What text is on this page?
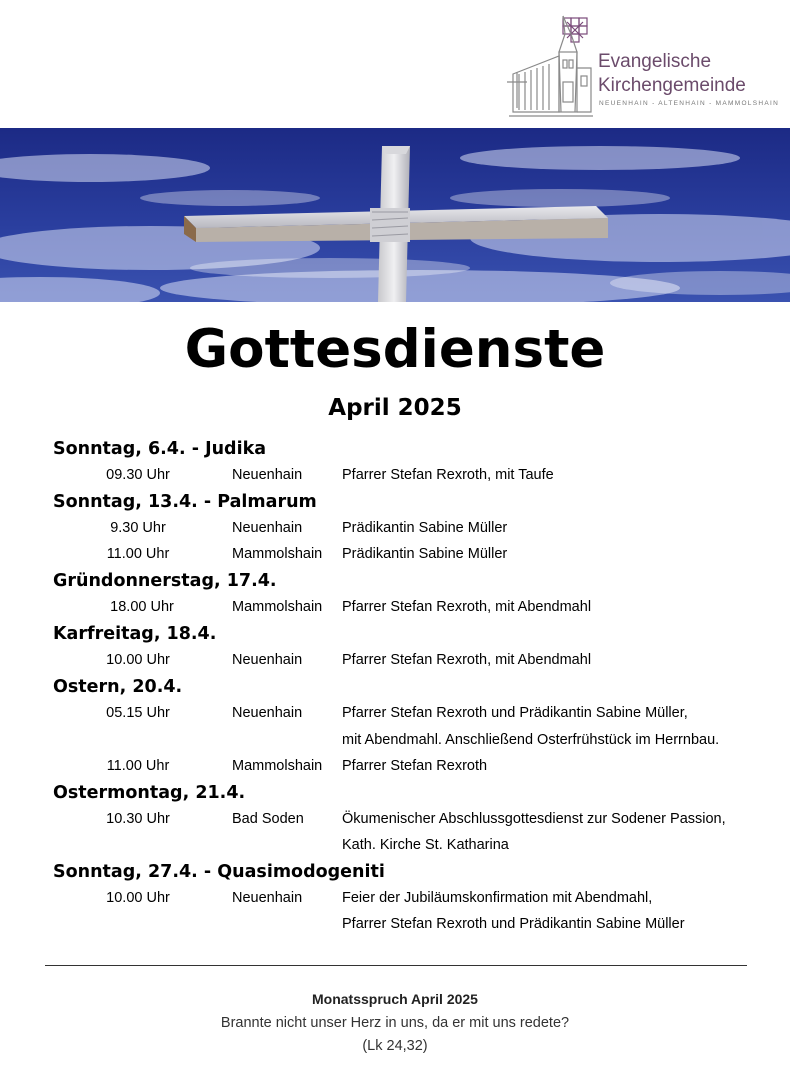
Evangelische
Kirchengemeinde
NEUENHAIN - ALTENHAIN - MAMMOLSHAIN
Gottesdienste
April 2025
Sonntag, 6.4. - Judika
09.30 Uhr	Neuenhain	Pfarrer Stefan Rexroth, mit Taufe
Sonntag, 13.4. - Palmarum
9.30 Uhr	Neuenhain	Prädikantin Sabine Müller
11.00 Uhr	Mammolshain Prädikantin Sabine Müller
Gründonnerstag, 17.4.
18.00 Uhr	Mammolshain Pfarrer Stefan Rexroth, mit Abendmahl
Karfreitag, 18.4.
10.00 Uhr	Neuenhain	Pfarrer Stefan Rexroth, mit Abendmahl
Ostern, 20.4.
05.15 Uhr	Neuenhain	Pfarrer Stefan Rexroth und Prädikantin Sabine Müller,
mit Abendmahl. Anschließend Osterfrühstück im Herrnbau.
11.00 Uhr	Mammolshain Pfarrer Stefan Rexroth
Ostermontag, 21.4.
10.30 Uhr	Bad Soden	Ökumenischer Abschlussgottesdienst zur Sodener Passion,
Kath. Kirche St. Katharina
Sonntag, 27.4. - Quasimodogeniti
10.00 Uhr	Neuenhain	Feier der Jubiläumskonfirmation mit Abendmahl,
Pfarrer Stefan Rexroth und Prädikantin Sabine Müller
Monatsspruch April 2025
Brannte nicht unser Herz in uns, da er mit uns redete?
(Lk 24,32)
